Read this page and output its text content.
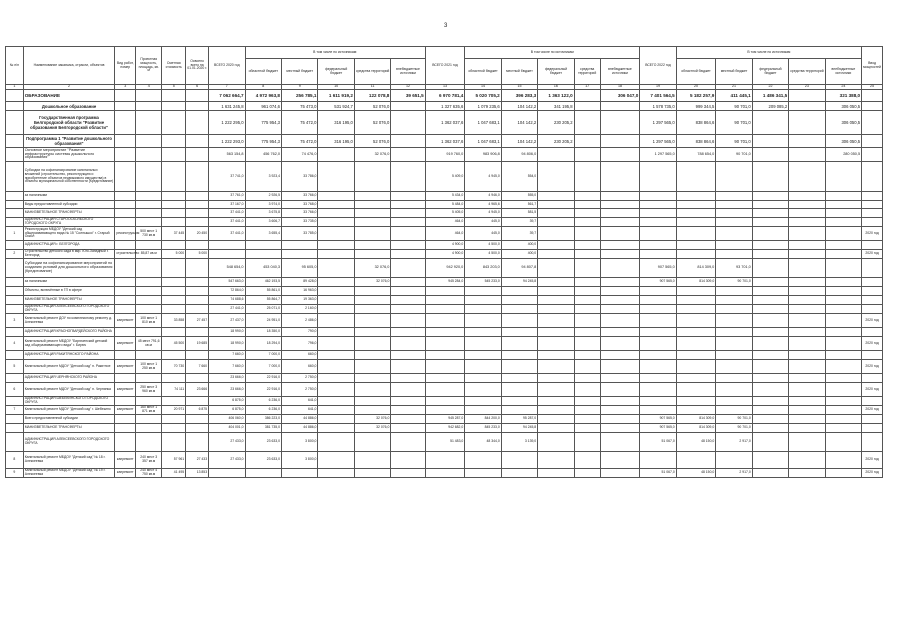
3
№ п/п	Наименование заказчика, отрасли, объектов	Вид работ, номер	Проектная мощность, площадь, кв. м	Сметная стоимость	Освоено всего на 01.01.2020 г.	ВСЕГО 2020 год	В том числе по источникам:					ВСЕГО 2021 год	В том числе по источникам					ВСЕГО 2022 год	В том числе по источникам					Ввод мощностей
							областной бюджет	местный бюджет	федеральный бюджет	средства территорий	внебюджетные источники		областной бюджет	местный бюджет	федеральный бюджет	средства территорий	внебюджетные источники		областной бюджет	местный бюджет	федеральный бюджет	средства территорий	внебюджетные источники	
1	2	3	4	5	6	7	8	9	10	11	12	13	14	15	16	17	18	19	20	21	22	23	24	25
	ОБРАЗОВАНИЕ					7 062 664,7	4 972 963,8	256 785,1	1 611 919,2	122 078,8	39 651,5	6 970 781,4	5 020 705,2	396 283,3	1 363 122,0		306 047,0	7 401 564,5	5 182 257,9	411 445,1	1 486 341,5		321 388,0	
	Дошкольное образование					1 631 245,8	961 074,6	75 473,0	531 924,7	52 076,0		1 327 635,6	1 079 235,6	104 142,2	341 195,8			1 578 735,0	999 344,5	90 701,0	209 085,2		306 050,5	
	Государственная программа Белгородской области "Развитие образования Белгородской области"					1 222 295,0	775 954,3	75 472,0	316 195,0	52 076,0		1 362 037,6	1 047 683,1	104 142,2	230 205,2			1 297 565,0	838 864,6	90 701,0			306 050,5	
	Подпрограмма 1 "Развитие дошкольного образования"					1 222 293,0	775 954,3	75 472,0	316 195,0	52 076,0		1 362 037,6	1 047 683,1	104 142,2	230 205,2			1 297 565,0	838 864,6	90 701,0			306 050,5	
	Основное мероприятие "Развитие инфраструктуры системы дошкольного образования"					563 154,8	456 762,0	74 476,0		32 076,0		919 760,0	983 906,8	94 806,0				1 297 565,0	788 654,0	90 701,0			280 050,5	
	Субсидии на софинансирование капитальных вложений (строительство, реконструкцию и приобретение объектов недвижимого имущества) в объекты муниципальной собственности (Кредитование)					37 741,0	3 923,4	33 786,0				5 409,0	4 945,0	554,0										
	за наличными					37 761,0	2 926,5	33 766,0				5 434,0	4 946,0	555,0										
	Виды предоставленной субсидии					37 167,0	3 974,0	33 768,0				5 484,0	4 965,6	561,7										
	МАНИЗВЕТЕЛЬНОЕ ТРАНСФЕРТЫ					37 441,0	3 675,8	33 766,0				5 405,0	4 945,0	581,5										
	АДМИНИСТРАЦИЯ СТАРООСКОЛЬСКОГО ГОРОДСКОГО ОКРУГА					37 441,0	3 606,7	33 735,0				464,0	445,0	39,7										
1	Реконструкция МБДОУ "Детский сад общеразвивающего вида № 15 "Солнышко" г. Старый Оскол	реконструкция	500 мест 1 730 кв.м	37 445	20 450	37 441,0	3 655,4	33 785,0				464,0	445,0	39,7										2020 год
	АДМИНИСТРАЦИЯ г. БЕЛГОРОДА											4 900,0	4 500,0	400,0										
2	Строительство детского сада в мкр. Юго-Западный г. Белгород	строительство	85,87 кв.м	5 000	5 000							4 900,0	4 500,0	400,0										2020 год
	Субсидии на софинансирование мероприятий по созданию условий для дошкольного образования (Кредитование)					548 654,0	453 040,3	95 605,0		32 076,0		942 920,0	843 203,0	94 807,8				907 565,0	814 309,0	93 701,0				
	за наличными					547 663,0	462 193,5	89 428,0		32 076,0		945 284,0	545 233,0	94 245,8				907 565,0	814 309,0	90 701,0				
	Объекты, включённые в ГП в сфере					72 864,0	55 861,0	16 963,0																
	МАНИЗВЕТЕЛЬНОЕ ТРАНСФЕРТЫ					74 688,6	55 864,7	19 363,0																
	АДМИНИСТРАЦИЯ АЛЕКСЕЕВСКОГО ГОРОДСКОГО ОКРУГА					27 441,0	25 071,0	2 160,0																
3	Капитальный ремонт ДОУ по комплексному ремонту д. Алексеевка	капремонт	100 мест 1 810 кв.м	33 858	27 457	27 437,0	24 951,0	2 486,0																2020 год
	АДМИНИСТРАЦИЯ КРАСНОГВАРДЕЙСКОГО РАЙОНА					18 990,0	18 350,0	790,0																
4	Капитальный ремонт МБДОУ "Бирюченский детский сад общеразвивающего вида" г. Бирюч	капремонт	45 мест 791,6 кв.м	45 500	19 685	18 990,0	18 294,0	796,0																2020 год
	АДМИНИСТРАЦИЯ РАКИТЯНСКОГО РАЙОНА					7 660,0	7 000,0	660,0																
5	Капитальный ремонт МДОУ "Детский сад" п. Ракитное	капремонт	100 мест 1 250 кв.м	70 730	7 660	7 660,0	7 000,0	660,0																2020 год
	АДМИНИСТРАЦИЯ ЧЕРНЯНСКОГО РАЙОНА					23 666,0	22 916,0	2 750,0																
6	Капитальный ремонт МДОУ "Детский сад" п. Чернянка	капремонт	250 мест 3 960 кв.м	74 111	23 666	23 666,0	22 916,0	2 750,0																2020 год
	АДМИНИСТРАЦИЯ ШЕБЕКИНСКОГО ГОРОДСКОГО ОКРУГА					6 875,0	6 236,0	641,0																
7	Капитальный ремонт МДОУ "Детский сад" г. Шебекино	капремонт	160 мест 1 871 кв.м	20 971	6 875	6 875,0	6 236,0	641,0																2020 год
	Всего предоставленной субсидии					406 060,0	386 223,0	44 886,0		32 076,0		945 287,0	844 200,0	95 287,0				907 565,0	814 309,0	90 701,0				
	МАНИЗВЕТЕЛЬНОЕ ТРАНСФЕРТЫ					404 001,0	381 735,0	44 886,0		32 076,0		942 682,0	845 233,0	94 245,8				907 565,0	814 309,0	90 701,0				
	АДМИНИСТРАЦИЯ АЛЕКСЕЕВСКОГО ГОРОДСКОГО ОКРУГА					27 433,0	23 633,0	3 800,0				51 483,0	48 344,0	3 139,0				51 067,0	48 150,0	2 917,0				
8	Капитальный ремонт МБДОУ "Детский сад" № 18 г. Алексеевка	капремонт	240 мест 3 357 кв.м	57 961	27 433	27 433,0	23 633,0	3 800,0																2020 год
9	Капитальный ремонт МБДОУ "Детский сад" № 19 г. Алексеевка	капремонт	240 мест 4 750 кв.м	41 495	13 853													51 067,0	48 150,0	2 917,0				2020 год
